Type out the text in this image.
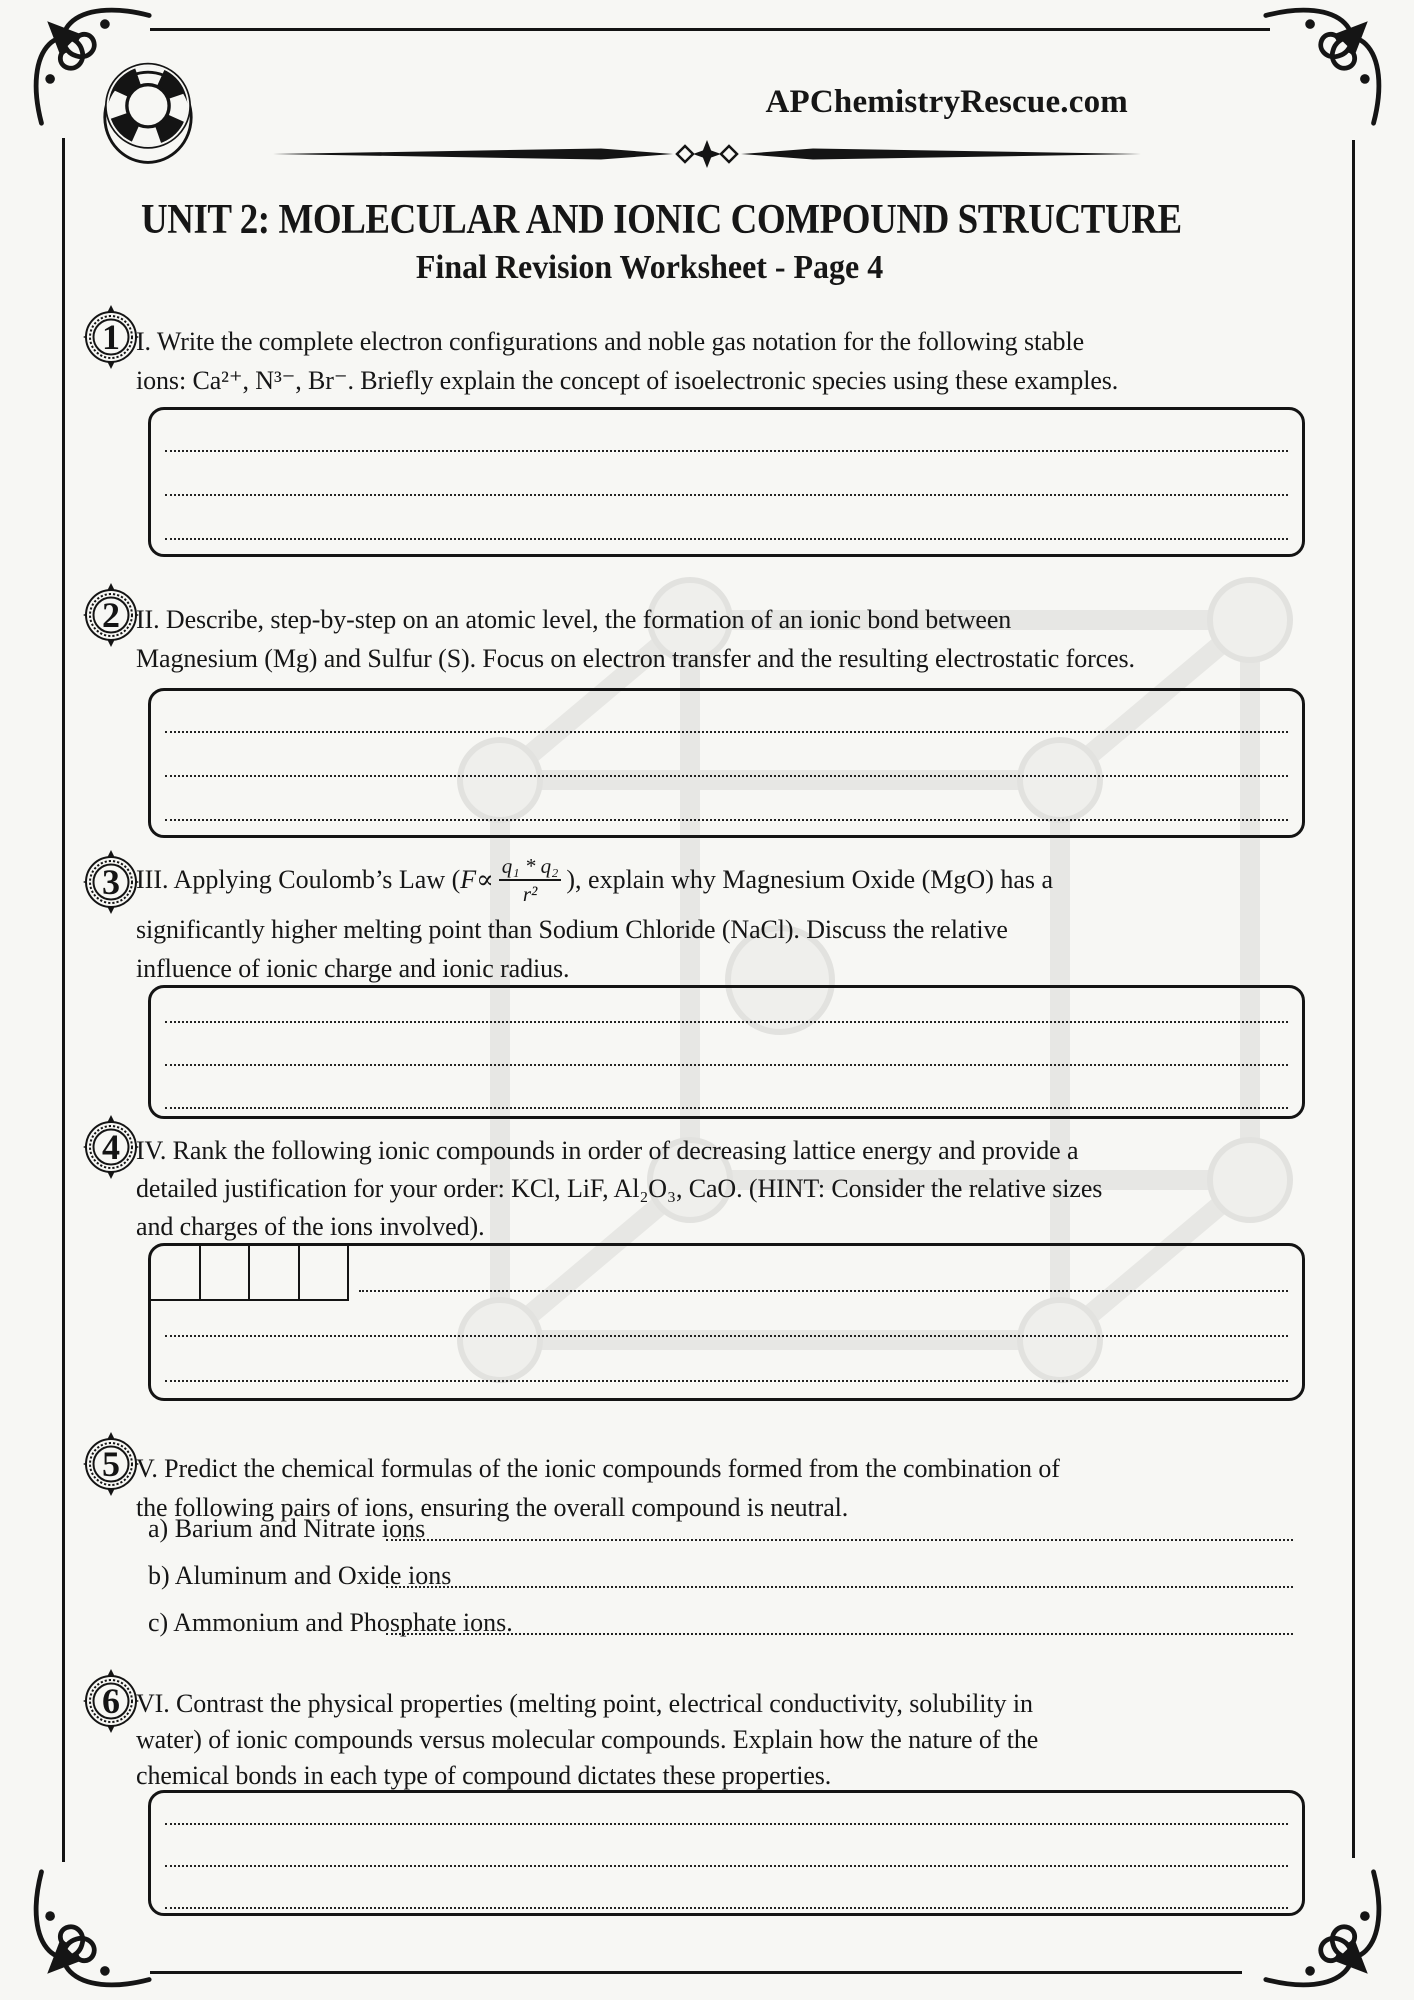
APChemistryRescue.com
UNIT 2: MOLECULAR AND IONIC COMPOUND STRUCTURE
Final Revision Worksheet - Page 4
1 I. Write the complete electron configurations and noble gas notation for the following stable
ions: Ca²⁺, N³⁻, Br⁻. Briefly explain the concept of isoelectronic species using these examples.
2 II. Describe, step-by-step on an atomic level, the formation of an ionic bond between
Magnesium (Mg) and Sulfur (S). Focus on electron transfer and the resulting electrostatic forces.
3 III. Applying Coulomb’s Law ( $F \propto \frac{\text{q₁ * q₂}}{\text{r²}}$ ), explain why Magnesium Oxide (MgO) has a
significantly higher melting point than Sodium Chloride (NaCl). Discuss the relative
influence of ionic charge and ionic radius.
4 IV. Rank the following ionic compounds in order of decreasing lattice energy and provide a
detailed justification for your order: KCl, LiF, Al₂O₃, CaO. (HINT: Consider the relative sizes
and charges of the ions involved).
5 V. Predict the chemical formulas of the ionic compounds formed from the combination of
the following pairs of ions, ensuring the overall compound is neutral.
a) Barium and Nitrate ions
b) Aluminum and Oxide ions
c) Ammonium and Phosphate ions.
6 VI. Contrast the physical properties (melting point, electrical conductivity, solubility in
water) of ionic compounds versus molecular compounds. Explain how the nature of the
chemical bonds in each type of compound dictates these properties.
